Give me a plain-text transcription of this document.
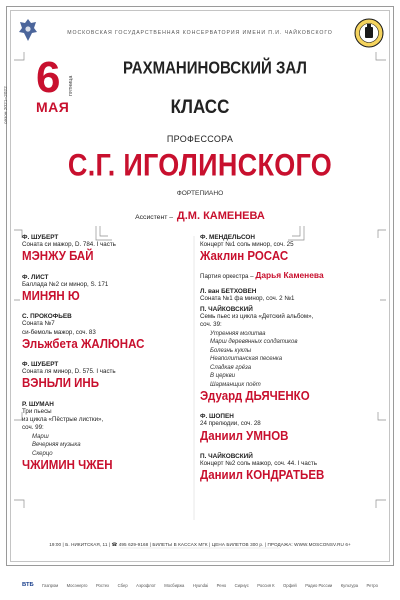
МОСКОВСКАЯ ГОСУДАРСТВЕННАЯ КОНСЕРВАТОРИЯ ИМЕНИ П.И. ЧАЙКОВСКОГО
6 пятница
МАЯ
сезон 2021–2022
РАХМАНИНОВСКИЙ ЗАЛ
КЛАСС
ПРОФЕССОРА
С.Г. ИГОЛИНСКОГО
ФОРТЕПИАНО
Ассистент – Д.М. КАМЕНЕВА
Ф. ШУБЕРТ
Соната си мажор, D. 784. I часть
МЭНЖУ БАЙ
Ф. ЛИСТ
Баллада №2 си минор, S. 171
МИНЯН Ю
С. ПРОКОФЬЕВ
Соната №7
си-бемоль мажор, соч. 83
Эльжбета ЖАЛЮНАС
Ф. ШУБЕРТ
Соната ля минор, D. 575. I часть
ВЭНЬЛИ ИНЬ
Р. ШУМАН
Три пьесы
из цикла «Пёстрые листки»,
соч. 99:
Марш
Вечерняя музыка
Скерцо
ЧЖИМИН ЧЖЕН
Ф. МЕНДЕЛЬСОН
Концерт №1 соль минор, соч. 25
Жаклин РОСАС
Партия оркестра – Дарья Каменева
Л. ван БЕТХОВЕН
Соната №1 фа минор, соч. 2 №1
П. ЧАЙКОВСКИЙ
Семь пьес из цикла «Детский альбом»,
соч. 39:
Утренняя молитва
Марш деревянных солдатиков
Болезнь куклы
Неаполитанская песенка
Сладкая грёза
В церкви
Шарманщик поёт
Эдуард ДЬЯЧЕНКО
Ф. ШОПЕН
24 прелюдии, соч. 28
Даниил УМНОВ
П. ЧАЙКОВСКИЙ
Концерт №2 соль мажор, соч. 44. I часть
Даниил КОНДРАТЬЕВ
19:00 | Б. НИКИТСКАЯ, 11 | ☎ 495 629-9168 | БИЛЕТЫ В КАССАХ МГК | ЦЕНА БИЛЕТОВ 300 р. | ПРОДАЖА: WWW.MOSCONSV.RU 6+
ВТБ Газпром Мосэнерго Ростех Сбер Аэрофлот Мосбиржа Hyundai Рено Сириус Россия К Орфей Радио России Культура Ретро
